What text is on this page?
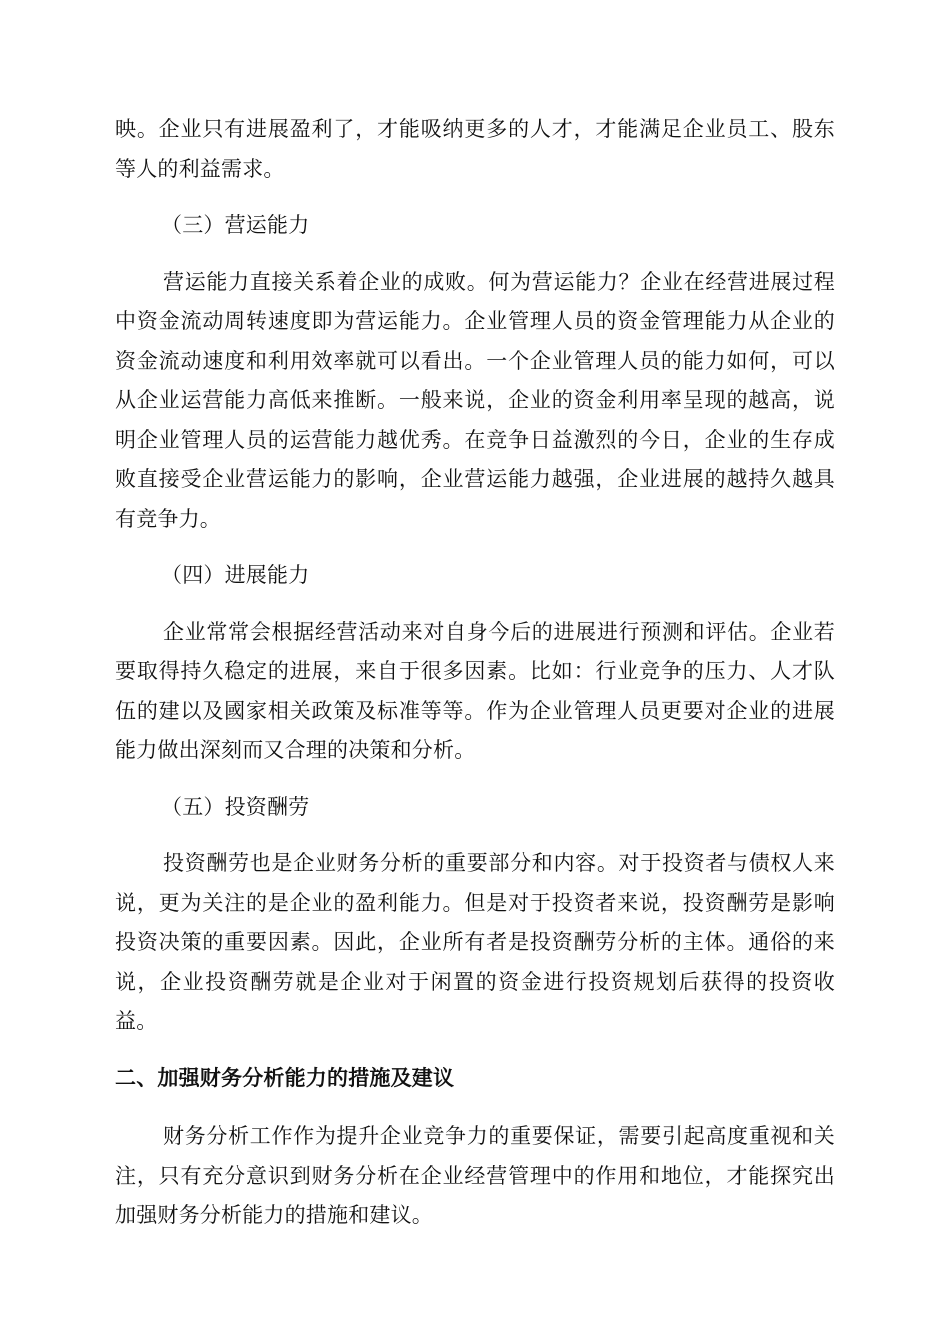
映。企业只有进展盈利了，才能吸纳更多的人才，才能满足企业员工、股东等人的利益需求。

（三）营运能力

营运能力直接关系着企业的成败。何为营运能力？企业在经营进展过程中资金流动周转速度即为营运能力。企业管理人员的资金管理能力从企业的资金流动速度和利用效率就可以看出。一个企业管理人员的能力如何，可以从企业运营能力高低来推断。一般来说，企业的资金利用率呈现的越高，说明企业管理人员的运营能力越优秀。在竞争日益激烈的今日，企业的生存成败直接受企业营运能力的影响，企业营运能力越强，企业进展的越持久越具有竞争力。

（四）进展能力

企业常常会根据经营活动来对自身今后的进展进行预测和评估。企业若要取得持久稳定的进展，来自于很多因素。比如：行业竞争的压力、人才队伍的建以及國家相关政策及标准等等。作为企业管理人员更要对企业的进展能力做出深刻而又合理的决策和分析。

（五）投资酬劳

投资酬劳也是企业财务分析的重要部分和内容。对于投资者与债权人来说，更为关注的是企业的盈利能力。但是对于投资者来说，投资酬劳是影响投资决策的重要因素。因此，企业所有者是投资酬劳分析的主体。通俗的来说，企业投资酬劳就是企业对于闲置的资金进行投资规划后获得的投资收益。

二、加强财务分析能力的措施及建议

财务分析工作作为提升企业竞争力的重要保证，需要引起高度重视和关注，只有充分意识到财务分析在企业经营管理中的作用和地位，才能探究出加强财务分析能力的措施和建议。
